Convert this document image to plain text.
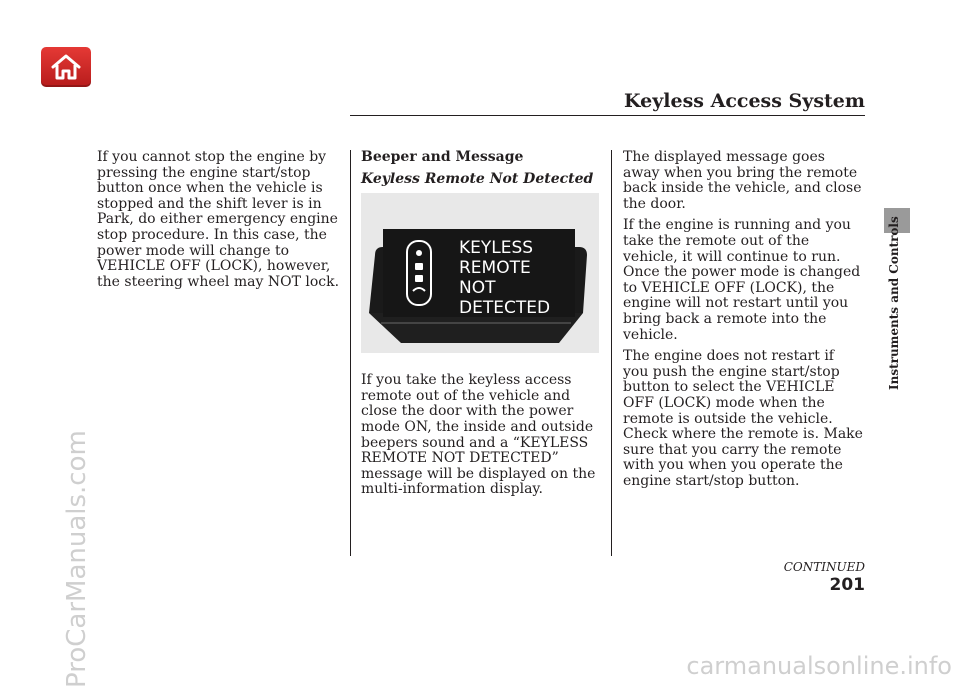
Keyless Access System

If you cannot stop the engine by pressing the engine start/stop button once when the vehicle is stopped and the shift lever is in Park, do either emergency engine stop procedure. In this case, the power mode will change to VEHICLE OFF (LOCK), however, the steering wheel may NOT lock.

Beeper and Message

Keyless Remote Not Detected

KEYLESS
REMOTE
NOT
DETECTED

If you take the keyless access remote out of the vehicle and close the door with the power mode ON, the inside and outside beepers sound and a “KEYLESS REMOTE NOT DETECTED” message will be displayed on the multi-information display.

The displayed message goes away when you bring the remote back inside the vehicle, and close the door.

If the engine is running and you take the remote out of the vehicle, it will continue to run. Once the power mode is changed to VEHICLE OFF (LOCK), the engine will not restart until you bring back a remote into the vehicle.

The engine does not restart if you push the engine start/stop button to select the VEHICLE OFF (LOCK) mode when the remote is outside the vehicle. Check where the remote is. Make sure that you carry the remote with you when you operate the engine start/stop button.

Instruments and Controls
CONTINUED
201
ProCarManuals.com	carmanualsonline.info
